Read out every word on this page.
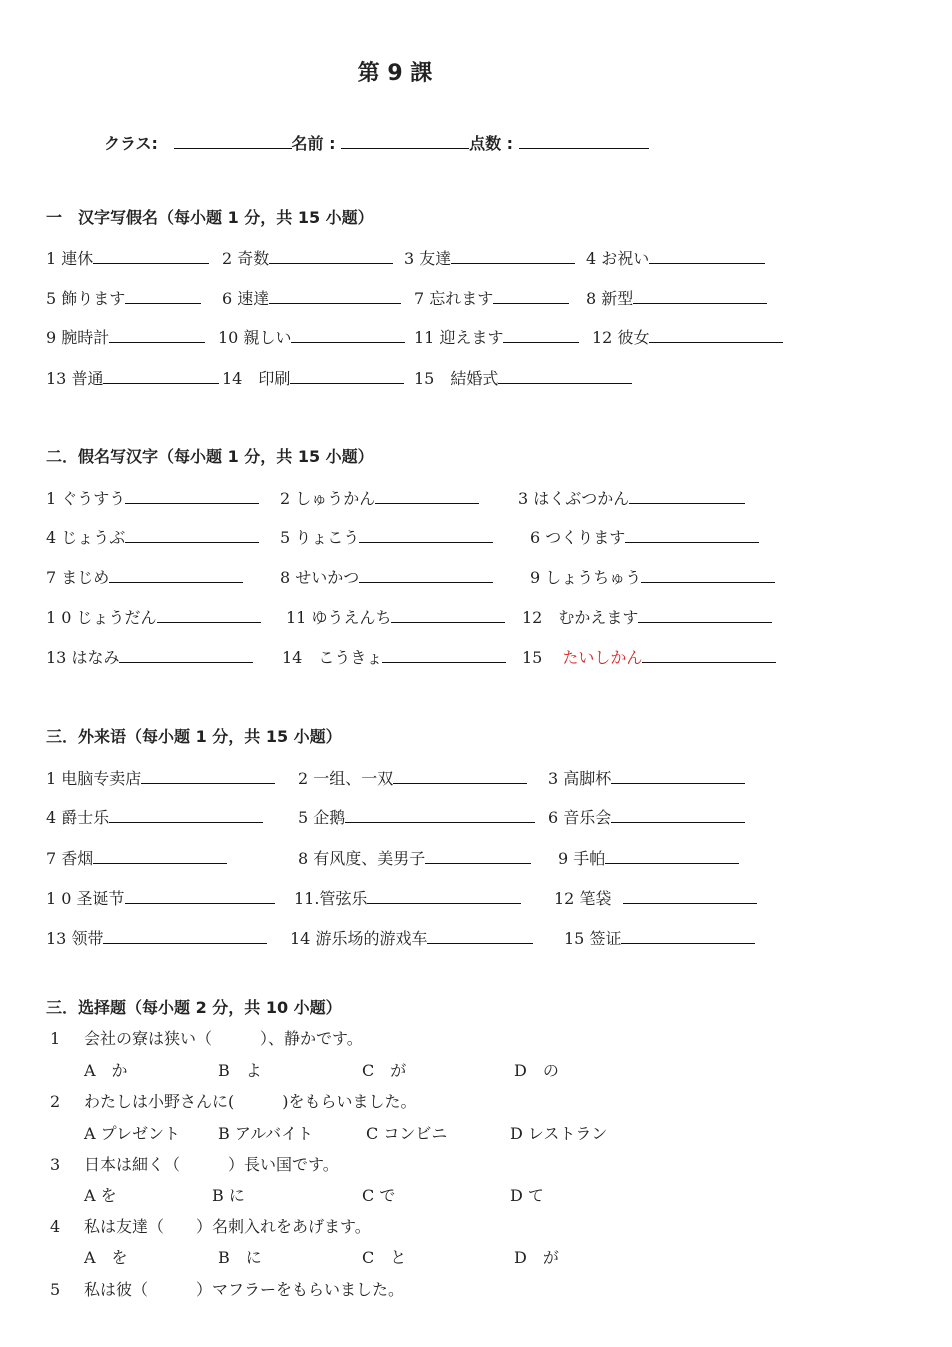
第 9 課
クラス:	名前 :	点数 :
一　汉字写假名（每小题 1 分，共 15 小题）
1 連休	2 奇数	3 友達	4 お祝い
5 飾ります	6 速達	7 忘れます	8 新型
9 腕時計	10 親しい	11 迎えます	12 彼女
13 普通	14　印刷	15　結婚式
二．假名写汉字（每小题 1 分，共 15 小题）
1 ぐうすう	2 しゅうかん	3 はくぶつかん
4 じょうぶ	5 りょこう	6 つくります
7 まじめ	8 せいかつ	9 しょうちゅう
1 0 じょうだん	11 ゆうえんち	12　むかえます
13 はなみ	14　こうきょ	15 たいしかん
三．外来语（每小题 1 分，共 15 小题）
1 电脑专卖店	2 一组、一双	3 高脚杯
4 爵士乐	5 企鹅	6 音乐会
7 香烟	8 有风度、美男子	9 手帕
1 0 圣诞节	11.管弦乐	12 笔袋
13 领带	14 游乐场的游戏车	15 签证
三．选择题（每小题 2 分，共 10 小题）
1 会社の寮は狭い（　　　）、静かです。
A　か	B　よ	C　が	D　の
2 わたしは小野さんに(　　　)をもらいました。
A プレゼント B アルバイト	C コンビニ	D レストラン
3 日本は細く（　　　）長い国です。
A を	B に	C で	D て
4 私は友達（　　）名刺入れをあげます。
A　を	B　に	C　と	D　が
5 私は彼（　　　）マフラーをもらいました。
